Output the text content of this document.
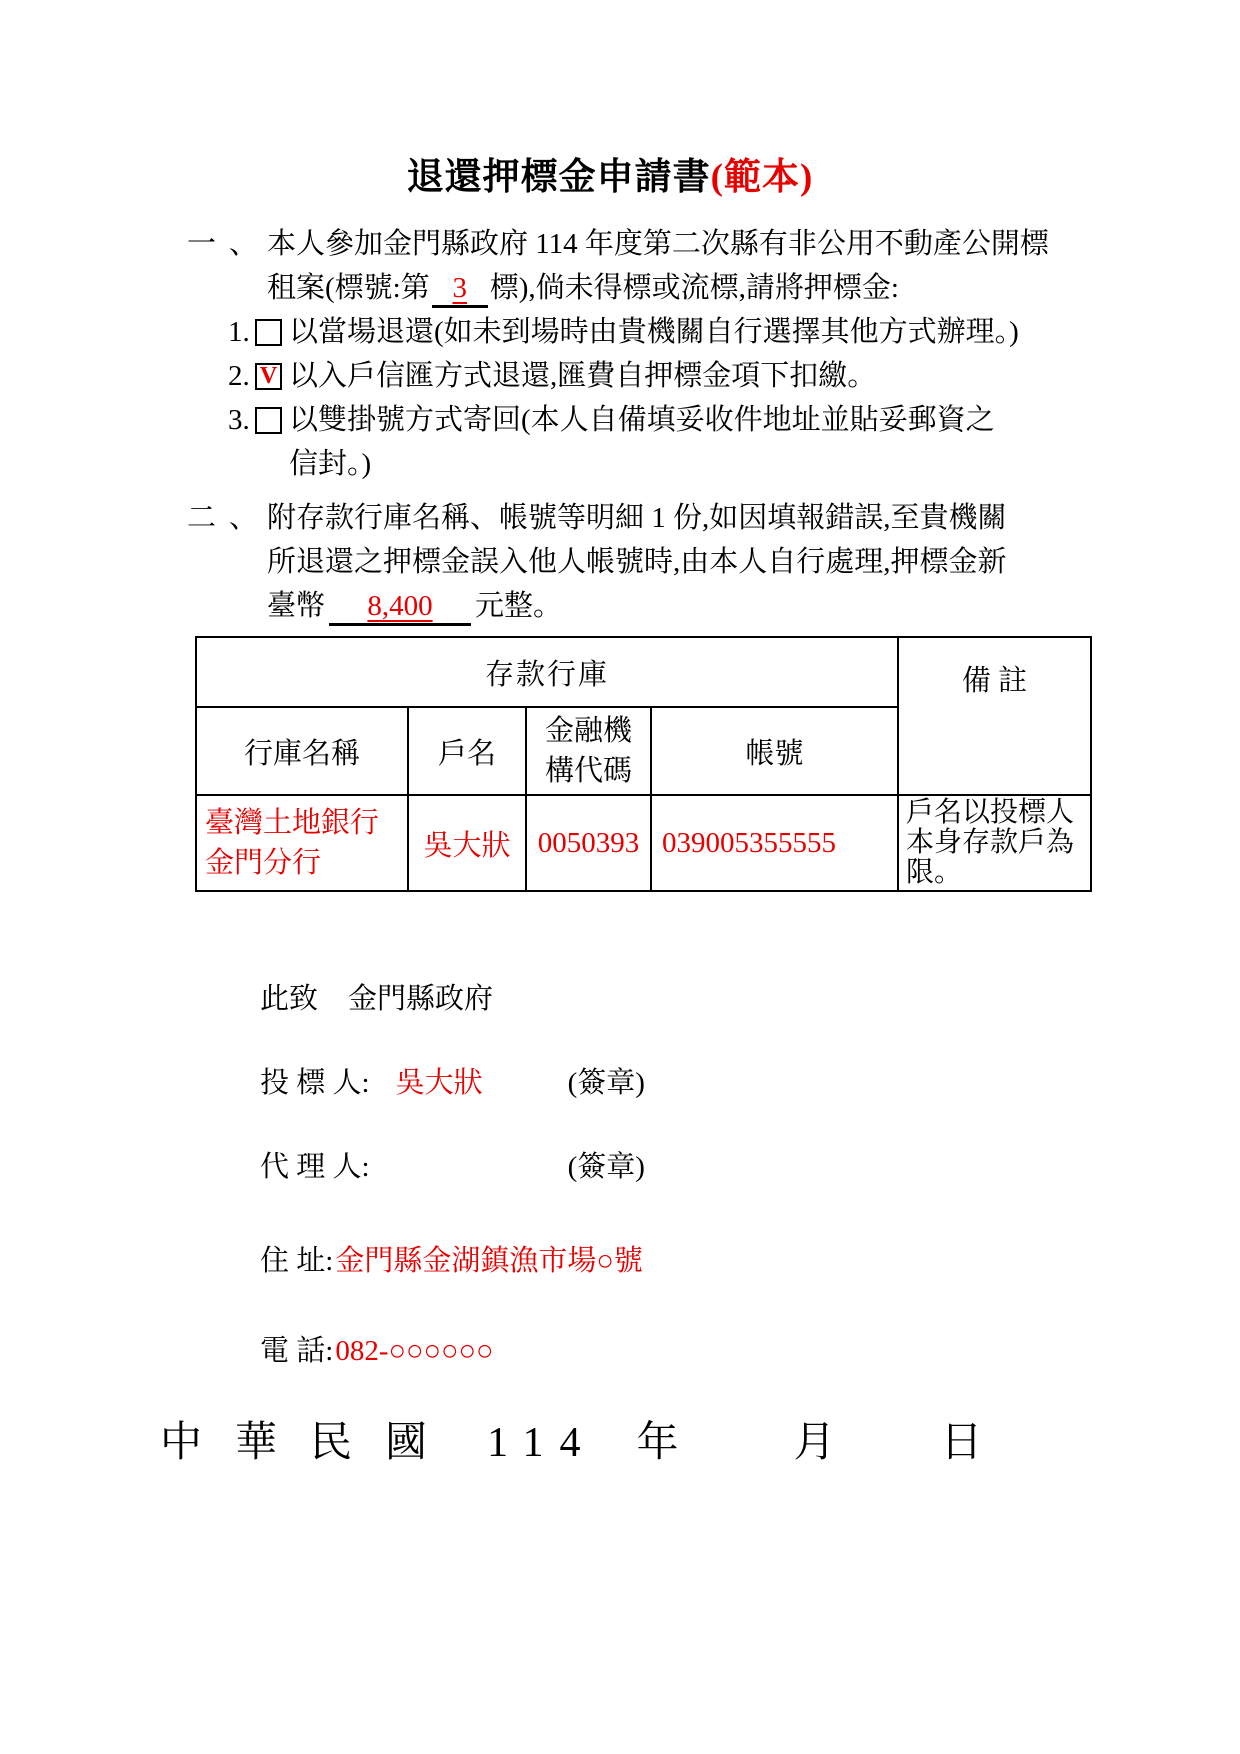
退還押標金申請書(範本)
一、
本人參加金門縣政府 114 年度第二次縣有非公用不動產公開標
租案(標號:第 3 標),倘未得標或流標,請將押標金:
1. 以當場退還(如未到場時由貴機關自行選擇其他方式辦理。)
2. V 以入戶信匯方式退還,匯費自押標金項下扣繳。
3. 以雙掛號方式寄回(本人自備填妥收件地址並貼妥郵資之
信封。)
二、
附存款行庫名稱、帳號等明細 1 份,如因填報錯誤,至貴機關
所退還之押標金誤入他人帳號時,由本人自行處理,押標金新
臺幣 8,400 元整。
存款行庫				備 註
行庫名稱	戶名	金融機構代碼	帳號	

臺灣土地銀行
金門分行	吳大狀	0050393	039005355555	戶名以投標人本身存款戶為限。
此致 金門縣政府
投 標 人: 吳大狀	(簽章)
代 理 人:	(簽章)
住 址:金門縣金湖鎮漁市場○號
電 話:082-○○○○○○
中 華 民 國 114 年	月	日
